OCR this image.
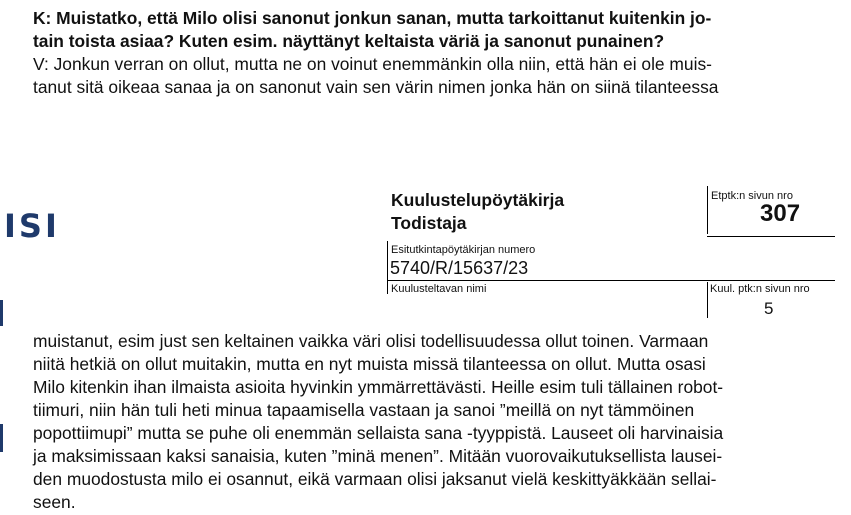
K: Muistatko, että Milo olisi sanonut jonkun sanan, mutta tarkoittanut kuitenkin jo-
tain toista asiaa? Kuten esim. näyttänyt keltaista väriä ja sanonut punainen?
V: Jonkun verran on ollut, mutta ne on voinut enemmänkin olla niin, että hän ei ole muis-
tanut sitä oikeaa sanaa ja on sanonut vain sen värin nimen jonka hän on siinä tilanteessa
ISI
Kuulustelupöytäkirja
Todistaja
Etptk:n sivun nro
307
Esitutkintapöytäkirjan numero
5740/R/15637/23
Kuulusteltavan nimi	Kuul. ptk:n sivun nro
5
muistanut, esim just sen keltainen vaikka väri olisi todellisuudessa ollut toinen. Varmaan
niitä hetkiä on ollut muitakin, mutta en nyt muista missä tilanteessa on ollut. Mutta osasi
Milo kitenkin ihan ilmaista asioita hyvinkin ymmärrettävästi. Heille esim tuli tällainen robot-
tiimuri, niin hän tuli heti minua tapaamisella vastaan ja sanoi ”meillä on nyt tämmöinen
popottiimupi” mutta se puhe oli enemmän sellaista sana -tyyppistä. Lauseet oli harvinaisia
ja maksimissaan kaksi sanaisia, kuten ”minä menen”. Mitään vuorovaikutuksellista lausei-
den muodostusta milo ei osannut, eikä varmaan olisi jaksanut vielä keskittyäkkään sellai-
seen.
